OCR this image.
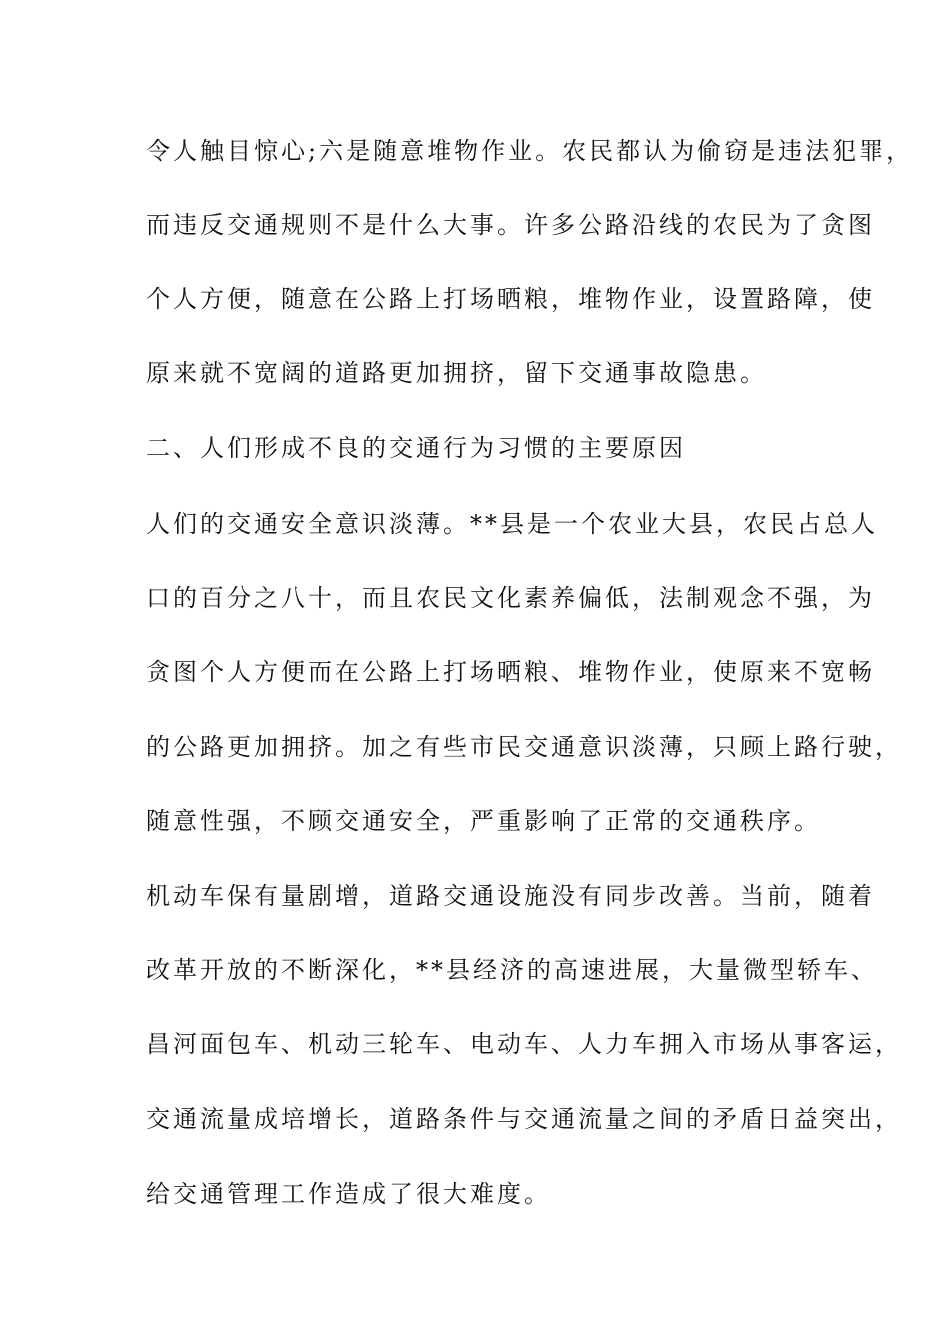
令人触目惊心;六是随意堆物作业。农民都认为偷窃是违法犯罪，
而违反交通规则不是什么大事。许多公路沿线的农民为了贪图
个人方便，随意在公路上打场晒粮，堆物作业，设置路障，使
原来就不宽阔的道路更加拥挤，留下交通事故隐患。
二、人们形成不良的交通行为习惯的主要原因
人们的交通安全意识淡薄。**县是一个农业大县，农民占总人
口的百分之八十，而且农民文化素养偏低，法制观念不强，为
贪图个人方便而在公路上打场晒粮、堆物作业，使原来不宽畅
的公路更加拥挤。加之有些市民交通意识淡薄，只顾上路行驶，
随意性强，不顾交通安全，严重影响了正常的交通秩序。
机动车保有量剧增，道路交通设施没有同步改善。当前，随着
改革开放的不断深化，**县经济的高速进展，大量微型轿车、
昌河面包车、机动三轮车、电动车、人力车拥入市场从事客运，
交通流量成培增长，道路条件与交通流量之间的矛盾日益突出，
给交通管理工作造成了很大难度。
